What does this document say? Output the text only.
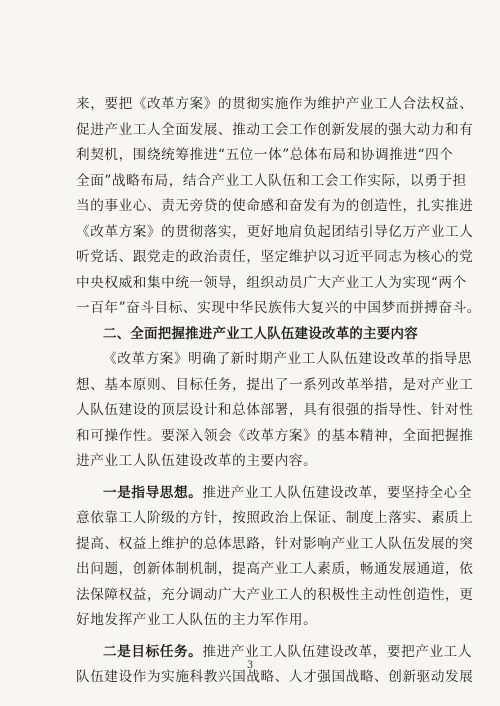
来，要把《改革方案》的贯彻实施作为维护产业工人合法权益、
促进产业工人全面发展、推动工会工作创新发展的强大动力和有
利契机，围绕统筹推进“五位一体”总体布局和协调推进“四个
全面”战略布局，结合产业工人队伍和工会工作实际，以勇于担
当的事业心、责无旁贷的使命感和奋发有为的创造性，扎实推进
《改革方案》的贯彻落实，更好地肩负起团结引导亿万产业工人
听党话、跟党走的政治责任，坚定维护以习近平同志为核心的党
中央权威和集中统一领导，组织动员广大产业工人为实现“两个
一百年”奋斗目标、实现中华民族伟大复兴的中国梦而拼搏奋斗。
二、全面把握推进产业工人队伍建设改革的主要内容
《改革方案》明确了新时期产业工人队伍建设改革的指导思
想、基本原则、目标任务，提出了一系列改革举措，是对产业工
人队伍建设的顶层设计和总体部署，具有很强的指导性、针对性
和可操作性。要深入领会《改革方案》的基本精神，全面把握推
进产业工人队伍建设改革的主要内容。
一是指导思想。推进产业工人队伍建设改革，要坚持全心全
意依靠工人阶级的方针，按照政治上保证、制度上落实、素质上
提高、权益上维护的总体思路，针对影响产业工人队伍发展的突
出问题，创新体制机制，提高产业工人素质，畅通发展通道，依
法保障权益，充分调动广大产业工人的积极性主动性创造性，更
好地发挥产业工人队伍的主力军作用。
二是目标任务。推进产业工人队伍建设改革，要把产业工人
队伍建设作为实施科教兴国战略、人才强国战略、创新驱动发展
3
